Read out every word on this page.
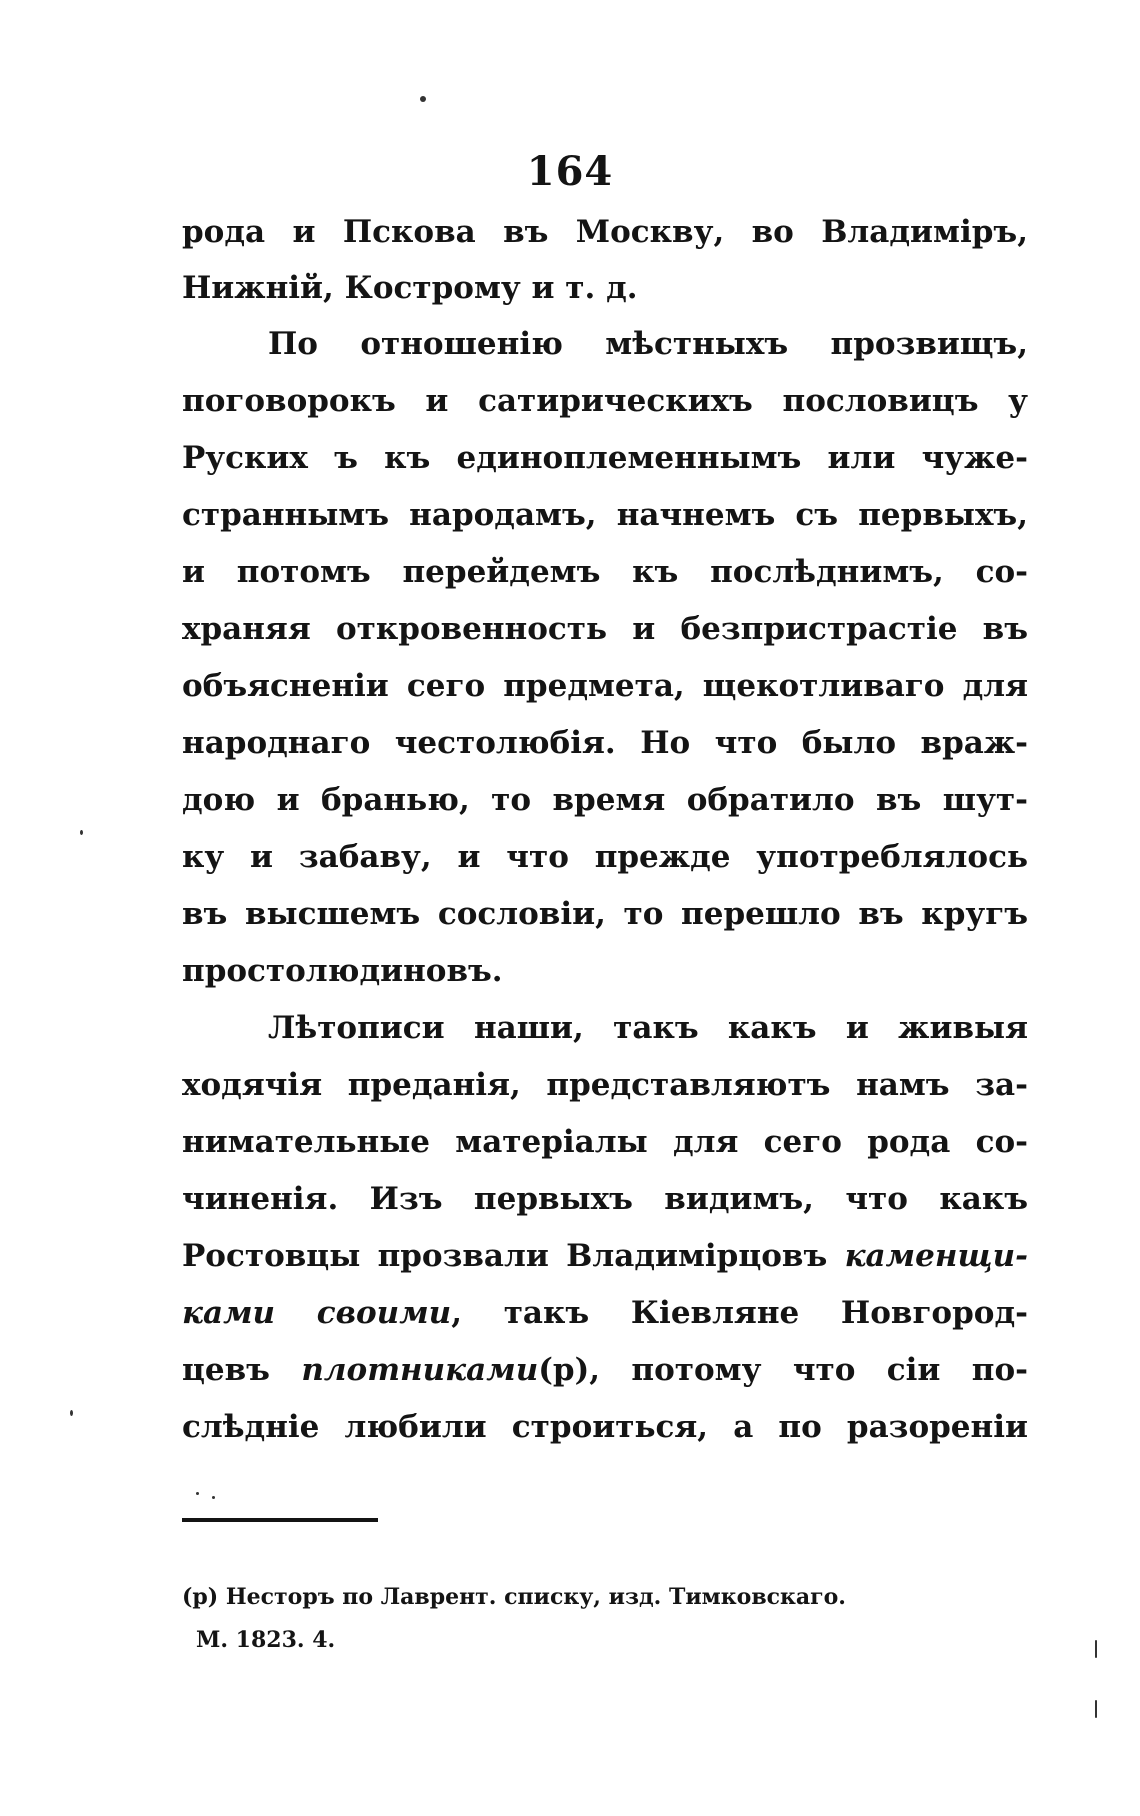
164
рода и Пскова въ Москву, во Владиміръ,
Нижній, Кострому и т. д.
По отношенію мѣстныхъ прозвищъ,
поговорокъ и сатирическихъ пословицъ у
Руских ъ къ единоплеменнымъ или чуже-
страннымъ народамъ, начнемъ съ первыхъ,
и потомъ перейдемъ къ послѣднимъ, со-
храняя откровенность и безпристрастіе въ
объясненіи сего предмета, щекотливаго для
народнаго честолюбія. Но что было враж-
дою и бранью, то время обратило въ шут-
ку и забаву, и что прежде употреблялось
въ высшемъ сословіи, то перешло въ кругъ
простолюдиновъ.
Лѣтописи наши, такъ какъ и живыя
ходячія преданія, представляютъ намъ за-
нимательные матеріалы для сего рода со-
чиненія. Изъ первыхъ видимъ, что какъ
Ростовцы прозвали Владимірцовъ каменщи-
ками своими, такъ Кіевляне Новгород-
цевъ плотниками(р), потому что сіи по-
слѣдніе любили строиться, а по разореніи
(р) Несторъ по Лаврент. списку, изд. Тимковскаго.
М. 1823. 4.
